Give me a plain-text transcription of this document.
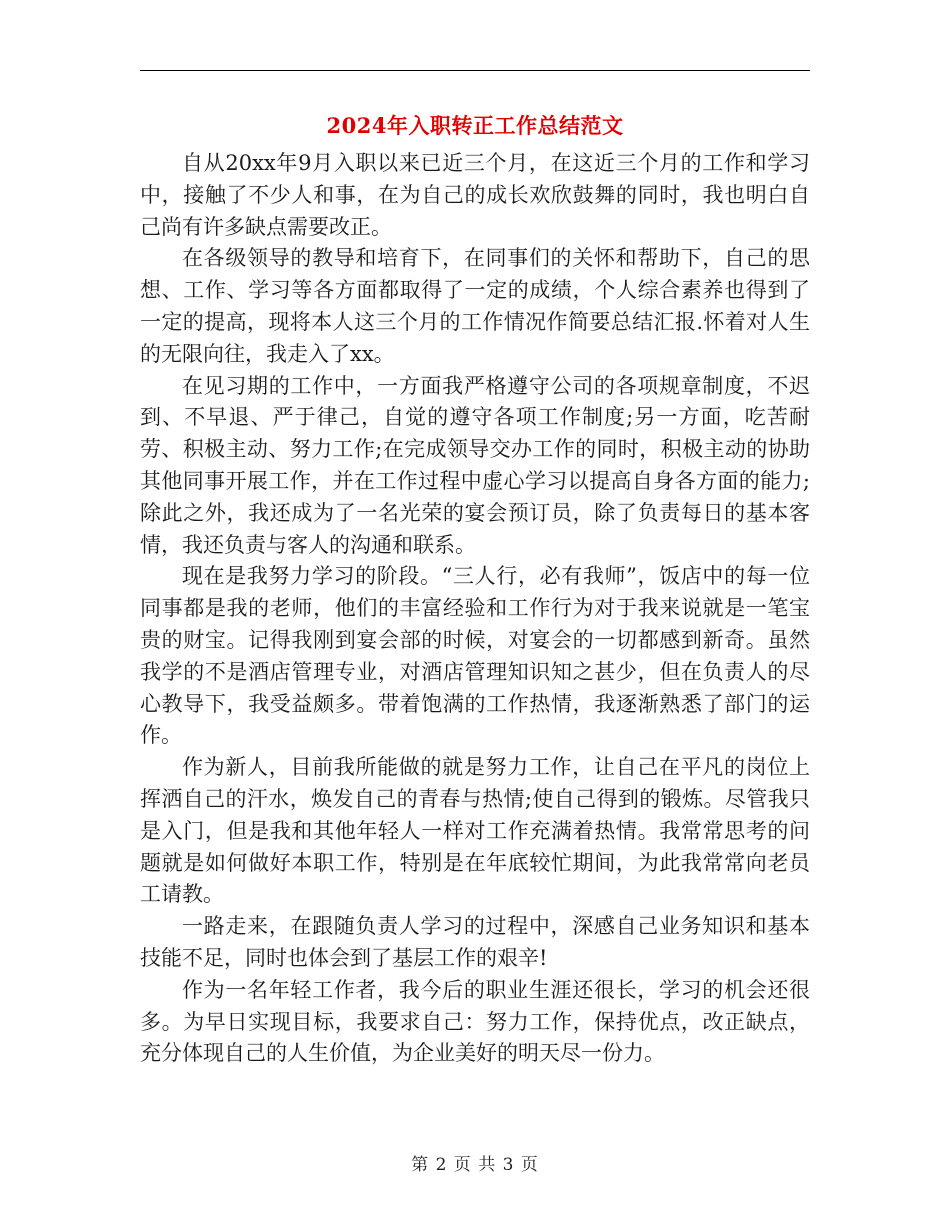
2024年入职转正工作总结范文

自从20xx年9月入职以来已近三个月，在这近三个月的工作和学习中，接触了不少人和事，在为自己的成长欢欣鼓舞的同时，我也明白自己尚有许多缺点需要改正。

在各级领导的教导和培育下，在同事们的关怀和帮助下，自己的思想、工作、学习等各方面都取得了一定的成绩，个人综合素养也得到了一定的提高，现将本人这三个月的工作情况作简要总结汇报.怀着对人生的无限向往，我走入了xx。

在见习期的工作中，一方面我严格遵守公司的各项规章制度，不迟到、不早退、严于律己，自觉的遵守各项工作制度;另一方面，吃苦耐劳、积极主动、努力工作;在完成领导交办工作的同时，积极主动的协助其他同事开展工作，并在工作过程中虚心学习以提高自身各方面的能力;除此之外，我还成为了一名光荣的宴会预订员，除了负责每日的基本客情，我还负责与客人的沟通和联系。

现在是我努力学习的阶段。“三人行，必有我师”，饭店中的每一位同事都是我的老师，他们的丰富经验和工作行为对于我来说就是一笔宝贵的财宝。记得我刚到宴会部的时候，对宴会的一切都感到新奇。虽然我学的不是酒店管理专业，对酒店管理知识知之甚少，但在负责人的尽心教导下，我受益颇多。带着饱满的工作热情，我逐渐熟悉了部门的运作。

作为新人，目前我所能做的就是努力工作，让自己在平凡的岗位上挥洒自己的汗水，焕发自己的青春与热情;使自己得到的锻炼。尽管我只是入门，但是我和其他年轻人一样对工作充满着热情。我常常思考的问题就是如何做好本职工作，特别是在年底较忙期间，为此我常常向老员工请教。

一路走来，在跟随负责人学习的过程中，深感自己业务知识和基本技能不足，同时也体会到了基层工作的艰辛!

作为一名年轻工作者，我今后的职业生涯还很长，学习的机会还很多。为早日实现目标，我要求自己：努力工作，保持优点，改正缺点，充分体现自己的人生价值，为企业美好的明天尽一份力。

第 2 页 共 3 页
